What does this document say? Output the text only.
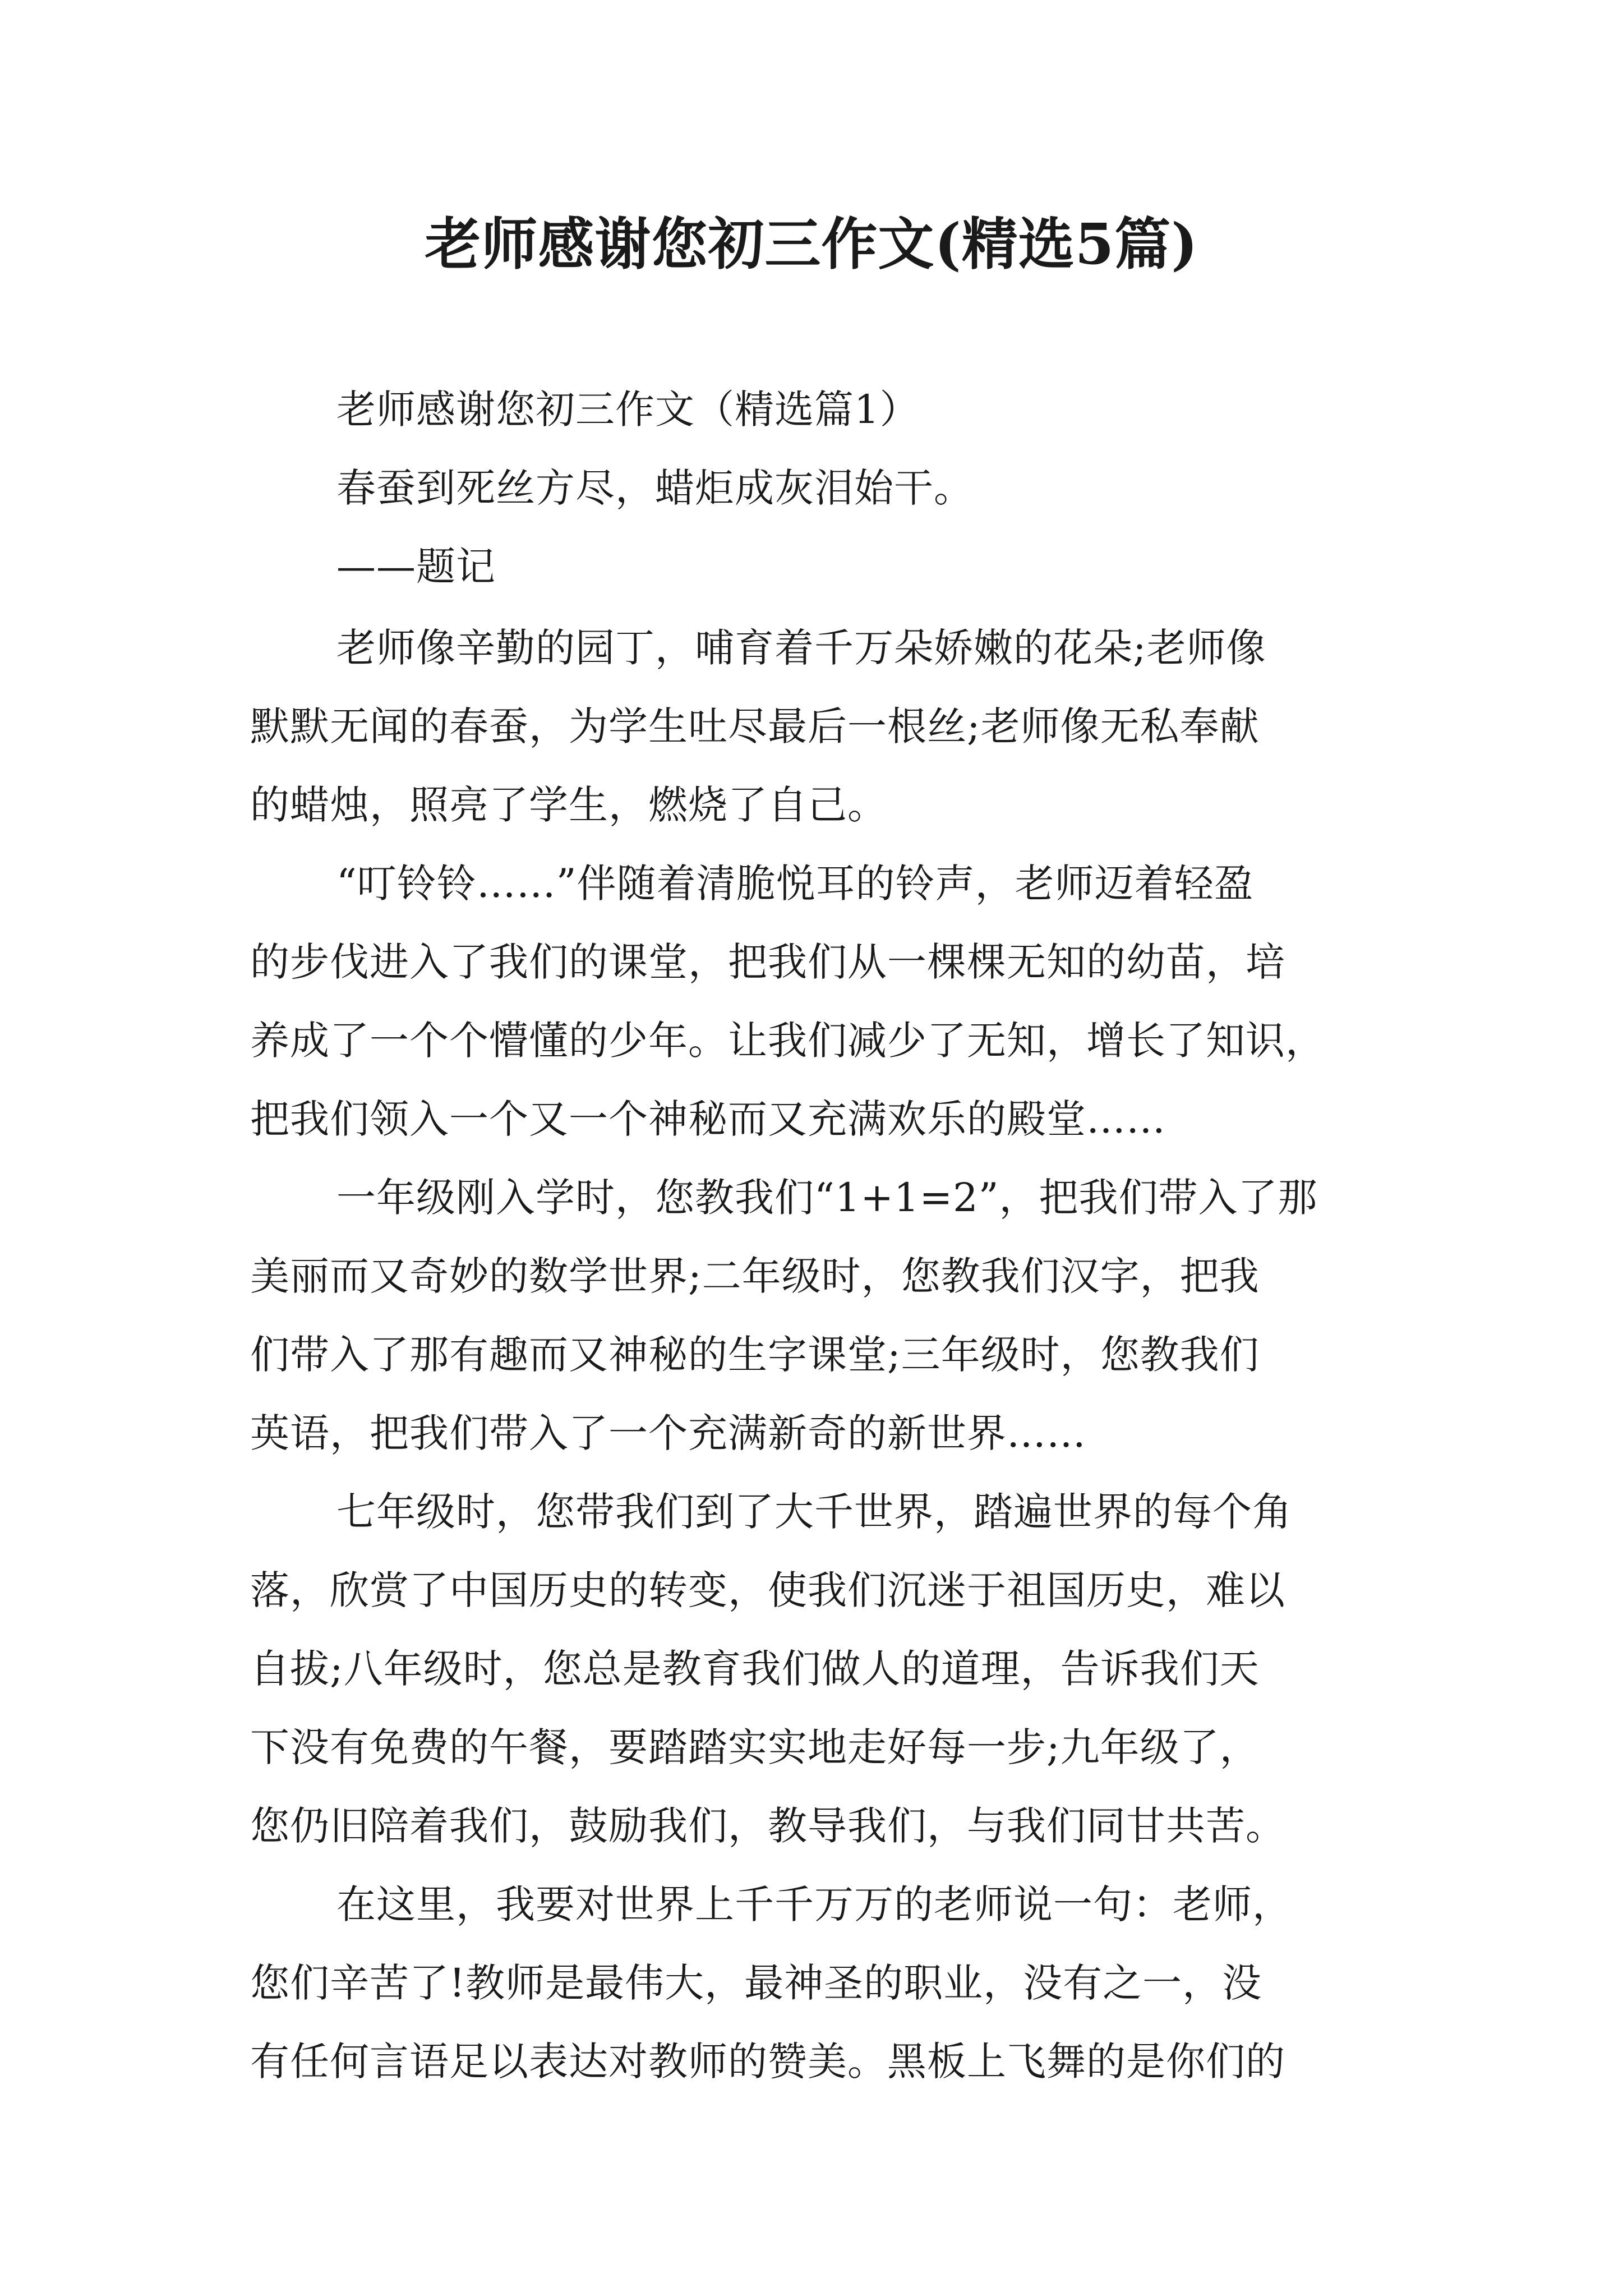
老师感谢您初三作文(精选5篇)
老师感谢您初三作文（精选篇1）
春蚕到死丝方尽，蜡炬成灰泪始干。
——题记
老师像辛勤的园丁，哺育着千万朵娇嫩的花朵;老师像
默默无闻的春蚕，为学生吐尽最后一根丝;老师像无私奉献
的蜡烛，照亮了学生，燃烧了自己。
“叮铃铃……”伴随着清脆悦耳的铃声，老师迈着轻盈
的步伐进入了我们的课堂，把我们从一棵棵无知的幼苗，培
养成了一个个懵懂的少年。让我们减少了无知，增长了知识，
把我们领入一个又一个神秘而又充满欢乐的殿堂……
一年级刚入学时，您教我们“1+1=2”，把我们带入了那
美丽而又奇妙的数学世界;二年级时，您教我们汉字，把我
们带入了那有趣而又神秘的生字课堂;三年级时，您教我们
英语，把我们带入了一个充满新奇的新世界……
七年级时，您带我们到了大千世界，踏遍世界的每个角
落，欣赏了中国历史的转变，使我们沉迷于祖国历史，难以
自拔;八年级时，您总是教育我们做人的道理，告诉我们天
下没有免费的午餐，要踏踏实实地走好每一步;九年级了，
您仍旧陪着我们，鼓励我们，教导我们，与我们同甘共苦。
在这里，我要对世界上千千万万的老师说一句：老师，
您们辛苦了!教师是最伟大，最神圣的职业，没有之一，没
有任何言语足以表达对教师的赞美。黑板上飞舞的是你们的
